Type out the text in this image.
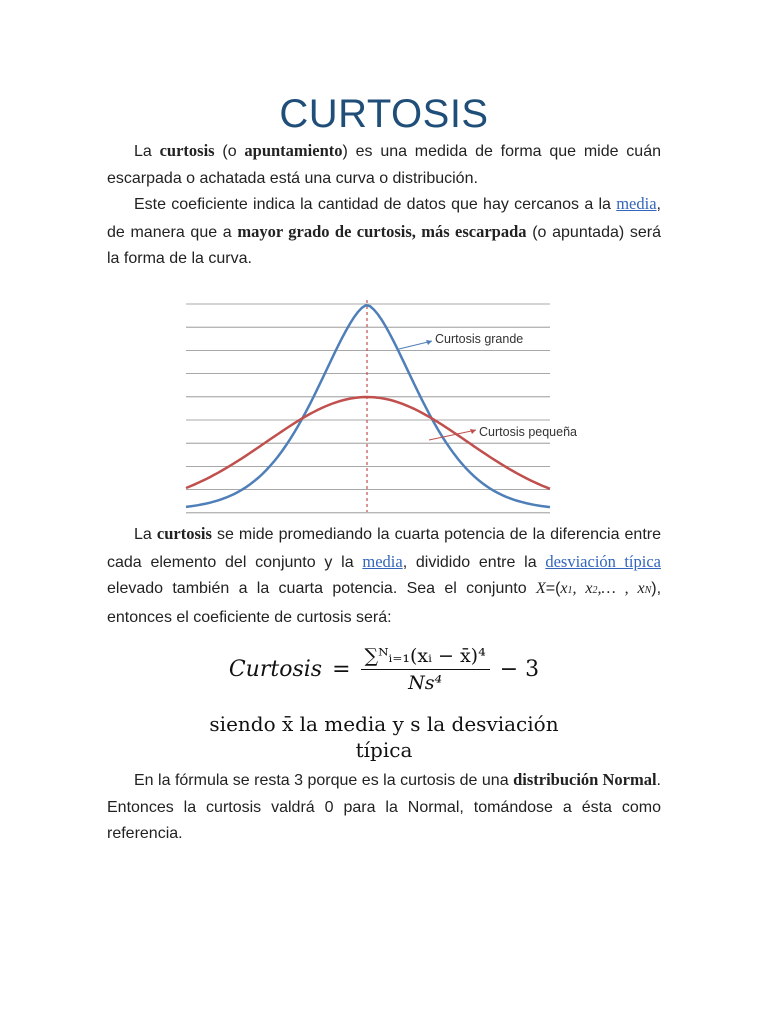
CURTOSIS

La curtosis (o apuntamiento) es una medida de forma que mide cuán escarpada o achatada está una curva o distribución.

Este coeficiente indica la cantidad de datos que hay cercanos a la media, de manera que a mayor grado de curtosis, más escarpada (o apuntada) será la forma de la curva.

Curtosis grande
Curtosis pequeña

La curtosis se mide promediando la cuarta potencia de la diferencia entre cada elemento del conjunto y la media, dividido entre la desviación típica elevado también a la cuarta potencia. Sea el conjunto X=(x1, x2,… , xN), entonces el coeficiente de curtosis será:

Curtosis = $\frac{\text{∑ᴺᵢ₌₁(xᵢ − x̄)⁴}}{\text{Ns⁴}} - 3$
siendo x̄ la media y s la desviación
típica

En la fórmula se resta 3 porque es la curtosis de una distribución Normal. Entonces la curtosis valdrá 0 para la Normal, tomándose a ésta como referencia.
